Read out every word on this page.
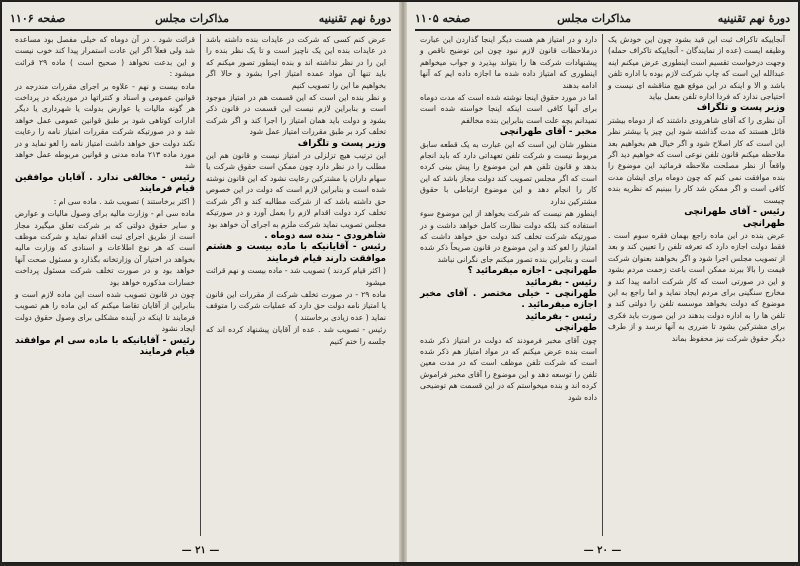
دورهٔ نهم تقنینیه
مذاکرات مجلس
صفحه ۱۱۰۶

عرض کنم کسی که شرکت در عایدات بنده داشته باشد در عایدات بنده این یک ناچیز است و تا یک نظر بنده را این را در نظر نداشته اند و بنده اینطور تصور میکنم که باید تنها آن مواد عمده امتیاز اجرا بشود و حالا اگر بخواهیم ما این را تصویب کنیم

و نظر بنده این است که این قسمت هم در امتیاز موجود است و بنابراین لازم نیست این قسمت در قانون ذکر بشود و دولت باید همان امتیاز را اجرا کند و اگر شرکت تخلف کرد بر طبق مقررات امتیاز عمل شود

وزیر پست و تلگراف

این ترتیب هیچ تزلزلی در امتیاز نیست و قانون هم این مطلب را در نظر دارد چون ممکن است حقوق شرکت یا سهام داران یا مشترکین رعایت نشود که این قانون نوشته شده است و بنابراین لازم است که دولت در این خصوص حق داشته باشد که از شرکت مطالبه کند و اگر شرکت تخلف کرد دولت اقدام لازم را بعمل آورد و در صورتیکه مجلس تصویب نماید شرکت ملزم به اجرای آن خواهد بود

شاهرودی - بنده سه دوماه .
رئیس - آقایانیکه با ماده بیست و هشتم موافقت دارند قیام فرمایند

( اکثر قیام کردند ) تصویب شد - ماده بیست و نهم قرائت میشود

ماده ۲۹ - در صورت تخلف شرکت از مقررات این قانون یا امتیاز نامه دولت حق دارد که عملیات شرکت را متوقف نماید ( عده زیادی برخاستند )

رئیس - تصویب شد . عده از آقایان پیشنهاد کرده اند که جلسه را ختم کنیم

قرائت شود . در آن دوماه که خیلی مفصل بود مساعده شد ولی فعلاً اگر این عادت استمرار پیدا کند خوب نیست و این بدعت نخواهد ( صحیح است ) ماده ۲۹ قرائت میشود :

ماده بیست و نهم - علاوه بر اجرای مقررات مندرجه در قوانین عمومی و اسناد و کنتراتها در موردیکه در پرداخت هر گونه مالیات یا عوارض بدولت یا شهرداری یا دیگر ادارات کوتاهی شود بر طبق قوانین عمومی عمل خواهد شد و در صورتیکه شرکت مقررات امتیاز نامه را رعایت نکند دولت حق خواهد داشت امتیاز نامه را لغو نماید و در مورد ماده ۲۱۳ ماده مدنی و قوانین مربوطه عمل خواهد شد

رئیس - مخالفی ندارد . آقایان موافقین قیام فرمایند

( اکثر برخاستند ) تصویب شد . ماده سی ام :

ماده سی ام - وزارت مالیه برای وصول مالیات و عوارض و سایر حقوق دولتی که بر شرکت تعلق میگیرد مجاز است از طریق اجرای ثبت اقدام نماید و شرکت موظف است که هر نوع اطلاعات و اسنادی که وزارت مالیه بخواهد در اختیار آن وزارتخانه بگذارد و مسئول صحت آنها خواهد بود و در صورت تخلف شرکت مسئول پرداخت خسارات مذکوره خواهد بود

چون در قانون تصویب شده است این ماده لازم است و بنابراین از آقایان تقاضا میکنم که این ماده را هم تصویب فرمایند تا اینکه در آینده مشکلی برای وصول حقوق دولت ایجاد نشود

رئیس - آقایانیکه با ماده سی ام موافقند قیام فرمایند
— ۲۱ —
دورهٔ نهم تقنینیه
مذاکرات مجلس
صفحه ۱۱۰۵

آنجاییکه تاکراف ثبت این قید بشود چون این خودش یک وظیفه ایست (عده از نمایندگان - آنجاییکه تاکراف حمله) وجهت درخواست تقسیم است اینطوری عرض میکنم اینه عبدالله این است که چاپ شرکت لازم بوده با اداره تلفن باشد و الا و اینکه در این موقع هیچ مناقشه ای نیست و احتیاجی ندارد که فردا اداره تلفن بعمل بیاید

وزیر پست و تلگراف

آن نظری را که آقای شاهرودی داشتند که از دوماه بیشتر قائل هستند که مدت گذاشته شود این چیز یا بیشتر نظر این است که کار اصلاح شود و اگر خیال هم بخواهیم بعد ملاحظه میکنم قانون تلفن نوعی است که خواهیم دید اگر واقعاً از نظر مصلحت ملاحظه فرمائید این موضوع را بنده موافقت نمی کنم که چون دوماه برای ایشان مدت کافی است و اگر ممکن شد کار را ببینیم که نظریه بنده چیست

رئیس - آقای طهرانچی
طهرانچی

عرض بنده در این ماده راجع بهمان فقره سوم است . فقط دولت اجازه دارد که تعرفه تلفن را تعیین کند و بعد از تصویب مجلس اجرا شود و اگر بخواهند بعنوان شرکت قیمت را بالا ببرند ممکن است باعث زحمت مردم بشود و این در صورتی است که کار شرکت ادامه پیدا کند و مخارج سنگینی برای مردم ایجاد نماید و اما راجع به این موضوع که دولت بخواهد موسسه تلفن را دولتی کند و تلفن ها را به اداره دولت بدهند در این صورت باید فکری برای مشترکین بشود تا ضرری به آنها نرسد و از طرف دیگر حقوق شرکت نیز محفوظ بماند

دارد و در امتیاز هم هست دیگر اینجا گذاردن این عبارت درملاحظات قانون لازم نبود چون این توضیح ناقص و پیشنهادات شرکت ها را بتواند بپذیرد و جواب میخواهم اینطوری که امتیاز داده شده ما اجازه داده ایم که آنها ادامه بدهند

اما در مورد حقوق اینجا نوشته شده است که مدت دوماه برای آنها کافی است اینکه اینجا خواسته شده است نمیدانم بچه علت است بنابراین بنده مخالفم

مخبر - آقای طهرانچی

منظور شان این است که این عبارت به یک قطعه سابق مربوط نیست و شرکت تلفن تعهداتی دارد که باید انجام بدهد و قانون تلفن هم این موضوع را پیش بینی کرده است که اگر مجلس تصویب کند دولت مجاز باشد که این کار را انجام دهد و این موضوع ارتباطی با حقوق مشترکین ندارد

اینطور هم نیست که شرکت بخواهد از این موضوع سوء استفاده کند بلکه دولت نظارت کامل خواهد داشت و در صورتیکه شرکت تخلف کند دولت حق خواهد داشت که امتیاز را لغو کند و این موضوع در قانون صریحاً ذکر شده است و بنابراین بنده تصور میکنم جای نگرانی نباشد

طهرانچی - اجازه میفرمائید ؟
رئیس - بفرمائید
طهرانچی - خیلی مختصر . آقای مخبر اجازه میفرمائید .
رئیس - بفرمائید
طهرانچی

چون آقای مخبر فرمودند که دولت در امتیاز ذکر شده است بنده عرض میکنم که در مواد امتیاز هم ذکر شده است که شرکت تلفن موظف است که در مدت معین تلفن را توسعه دهد و این موضوع را آقای مخبر فراموش کرده اند و بنده میخواستم که در این قسمت هم توضیحی داده شود

— ۲۰ —
